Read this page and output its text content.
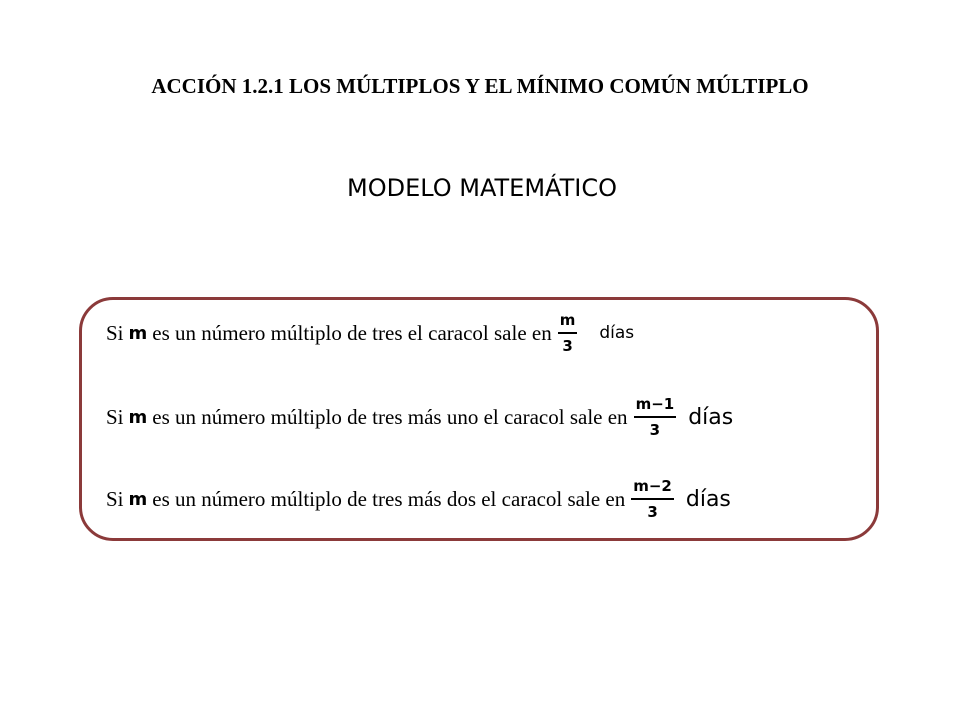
ACCIÓN 1.2.1 LOS MÚLTIPLOS Y EL MÍNIMO COMÚN MÚLTIPLO
MODELO MATEMÁTICO
Si m es un número múltiplo de tres el caracol sale en $\frac{m}{3}$ días
Si m es un número múltiplo de tres más uno el caracol sale en $\frac{m-1}{3}$ días
Si m es un número múltiplo de tres más dos el caracol sale en $\frac{m-2}{3}$ días
